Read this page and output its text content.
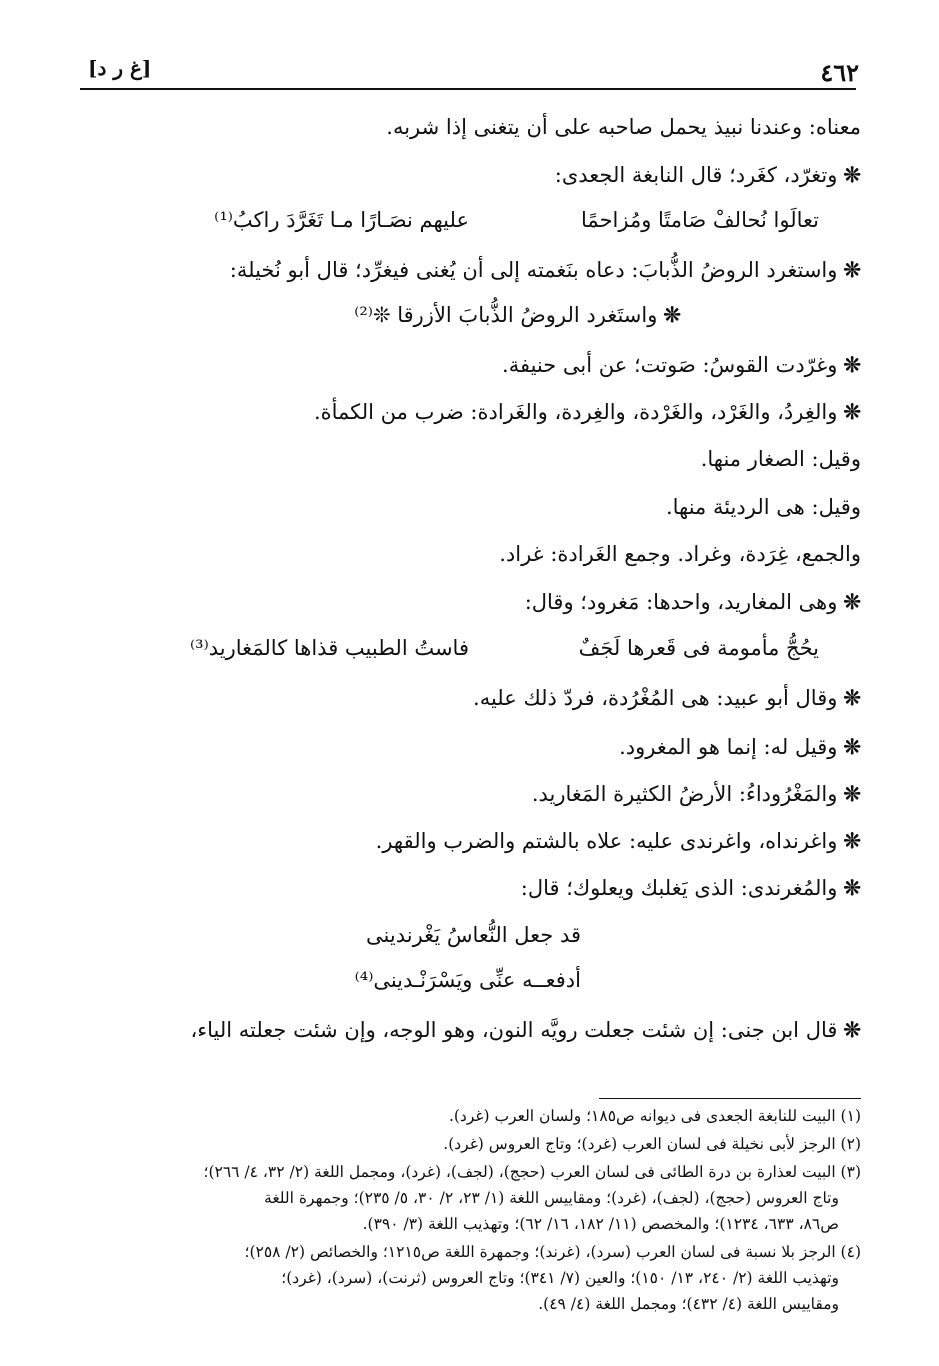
٤٦٢
[غ ر د]
معناه: وعندنا نبيذ يحمل صاحبه على أن يتغنى إذا شربه.
❊وتغرّد، كغَرد؛ قال النابغة الجعدى:
تعالَوا نُحالفْ صَامتًا ومُزاحمًا
عليهم نصَـارًا مـا تَغَرَّدَ راكبُ⁽¹⁾
❊واستغرد الروضُ الذُّبابَ: دعاه بنَغمته إلى أن يُغنى فيغرِّد؛ قال أبو نُخيلة:
❊واستَغرد الروضُ الذُّبابَ الأزرقا ❊⁽²⁾
❊وغرّدت القوسُ: صَوتت؛ عن أبى حنيفة.
❊والغِردُ، والغَرْد، والغَرْدة، والغِردة، والغَرادة: ضرب من الكمأة.
وقيل: الصغار منها.
وقيل: هى الرديئة منها.
والجمع، غِرَدة، وغراد. وجمع الغَرادة: غراد.
❊وهى المغاريد، واحدها: مَغرود؛ وقال:
يحُجُّ مأمومة فى قَعرها لَجَفٌ
فاستُ الطبيب قذاها كالمَغاريد⁽³⁾
❊وقال أبو عبيد: هى المُغْرُدة، فردّ ذلك عليه.
❊وقيل له: إنما هو المغرود.
❊والمَغْرُوداءُ: الأرضُ الكثيرة المَغاريد.
❊واغرنداه، واغرندى عليه: علاه بالشتم والضرب والقهر.
❊والمُغرندى: الذى يَغلبك ويعلوك؛ قال:
قد جعل النُّعاسُ يَغْرندينى
أدفعــه عنِّى ويَسْرَنْـدينى⁽⁴⁾
❊قال ابن جنى: إن شئت جعلت رويَّه النون، وهو الوجه، وإن شئت جعلته الياء،
(١) البيت للنابغة الجعدى فى ديوانه ص١٨٥؛ ولسان العرب (غرد).
(٢) الرجز لأبى نخيلة فى لسان العرب (غرد)؛ وتاج العروس (غرد).
(٣) البيت لعذارة بن درة الطائى فى لسان العرب (حجج)، (لجف)، (غرد)، ومجمل اللغة (٢/ ٣٢، ٤/ ٢٦٦)؛
وتاج العروس (حجج)، (لجف)، (غرد)؛ ومقاييس اللغة (١/ ٢٣، ٢/ ٣٠، ٥/ ٢٣٥)؛ وجمهرة اللغة
ص٨٦، ٦٣٣، ١٢٣٤)؛ والمخصص (١١/ ١٨٢، ١٦/ ٦٢)؛ وتهذيب اللغة (٣/ ٣٩٠).
(٤) الرجز بلا نسبة فى لسان العرب (سرد)، (غرند)؛ وجمهرة اللغة ص١٢١٥؛ والخصائص (٢/ ٢٥٨)؛
وتهذيب اللغة (٢/ ٢٤٠، ١٣/ ١٥٠)؛ والعين (٧/ ٣٤١)؛ وتاج العروس (ثرنت)، (سرد)، (غرد)؛
ومقاييس اللغة (٤/ ٤٣٢)؛ ومجمل اللغة (٤/ ٤٩).
